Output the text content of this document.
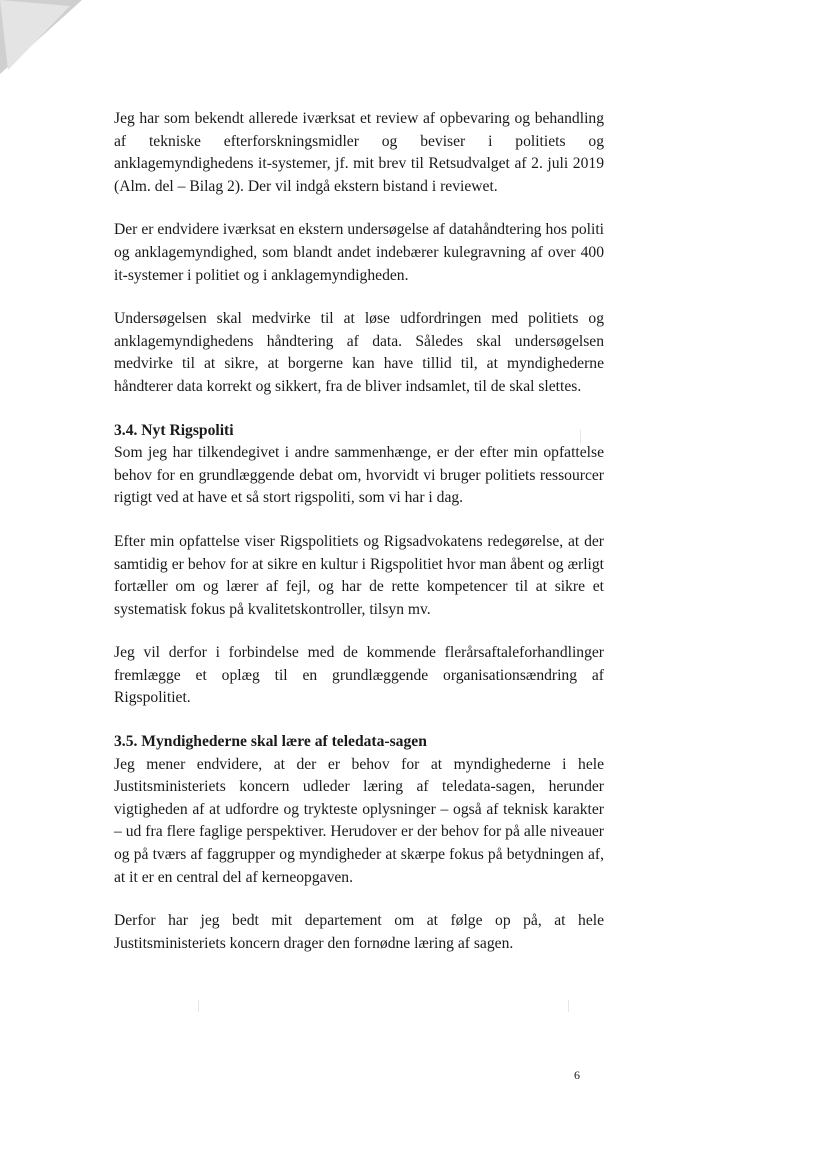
Jeg har som bekendt allerede iværksat et review af opbevaring og behandling af tekniske efterforskningsmidler og beviser i politiets og anklagemyndighedens it-systemer, jf. mit brev til Retsudvalget af 2. juli 2019 (Alm. del – Bilag 2). Der vil indgå ekstern bistand i reviewet.

Der er endvidere iværksat en ekstern undersøgelse af datahåndtering hos politi og anklagemyndighed, som blandt andet indebærer kulegravning af over 400 it-systemer i politiet og i anklagemyndigheden.

Undersøgelsen skal medvirke til at løse udfordringen med politiets og anklagemyndighedens håndtering af data. Således skal undersøgelsen medvirke til at sikre, at borgerne kan have tillid til, at myndighederne håndterer data korrekt og sikkert, fra de bliver indsamlet, til de skal slettes.

3.4. Nyt Rigspoliti

Som jeg har tilkendegivet i andre sammenhænge, er der efter min opfattelse behov for en grundlæggende debat om, hvorvidt vi bruger politiets ressourcer rigtigt ved at have et så stort rigspoliti, som vi har i dag.

Efter min opfattelse viser Rigspolitiets og Rigsadvokatens redegørelse, at der samtidig er behov for at sikre en kultur i Rigspolitiet hvor man åbent og ærligt fortæller om og lærer af fejl, og har de rette kompetencer til at sikre et systematisk fokus på kvalitetskontroller, tilsyn mv.

Jeg vil derfor i forbindelse med de kommende flerårsaftaleforhandlinger fremlægge et oplæg til en grundlæggende organisationsændring af Rigspolitiet.

3.5. Myndighederne skal lære af teledata-sagen

Jeg mener endvidere, at der er behov for at myndighederne i hele Justitsministeriets koncern udleder læring af teledata-sagen, herunder vigtigheden af at udfordre og trykteste oplysninger – også af teknisk karakter – ud fra flere faglige perspektiver. Herudover er der behov for på alle niveauer og på tværs af faggrupper og myndigheder at skærpe fokus på betydningen af, at it er en central del af kerneopgaven.

Derfor har jeg bedt mit departement om at følge op på, at hele Justitsministeriets koncern drager den fornødne læring af sagen.

6
